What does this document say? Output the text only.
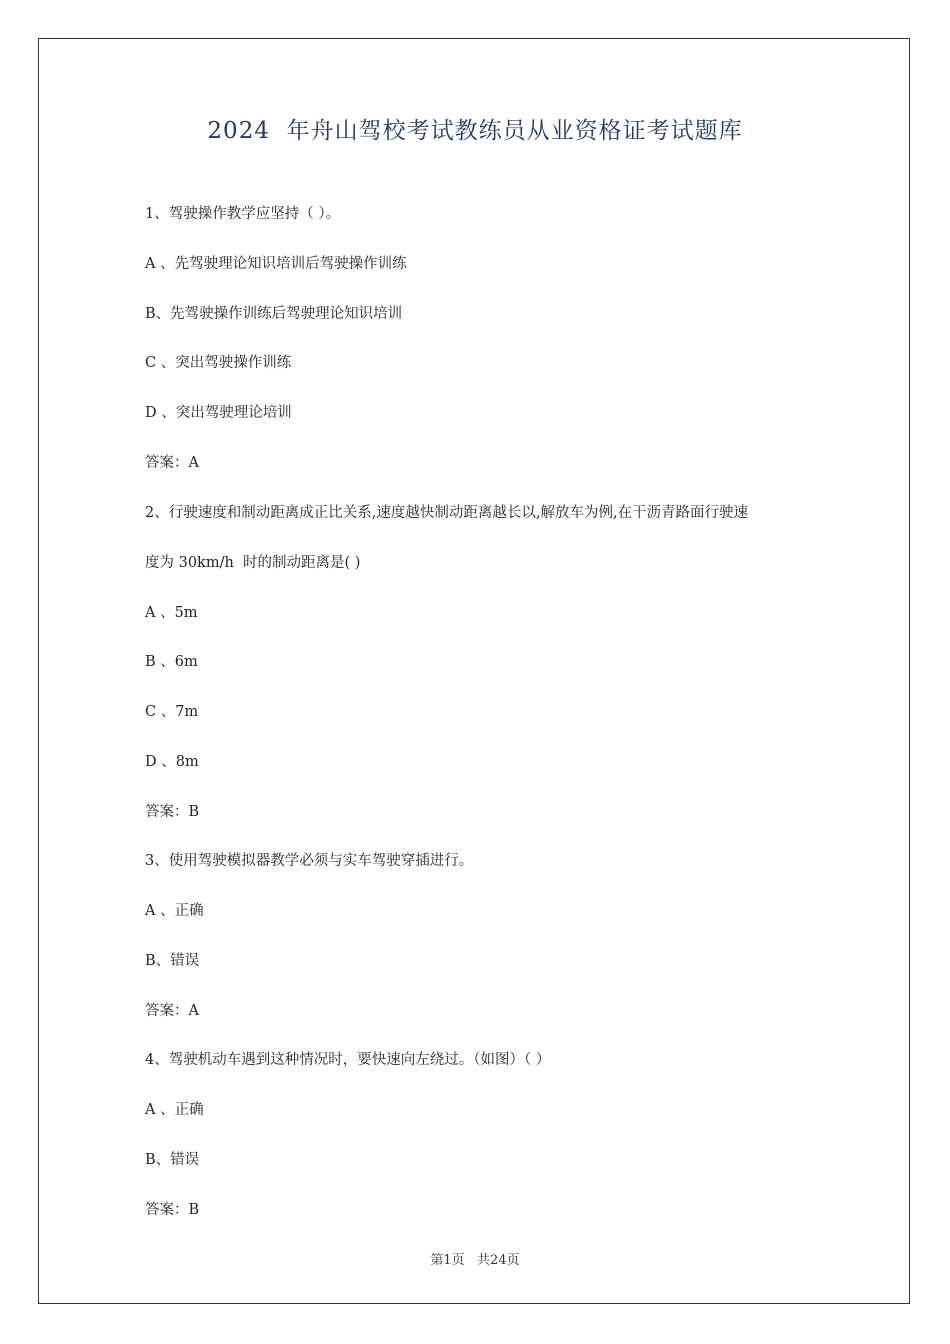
2024  年舟山驾校考试教练员从业资格证考试题库
1、驾驶操作教学应坚持（ ）。
A 、先驾驶理论知识培训后驾驶操作训练
B、先驾驶操作训练后驾驶理论知识培训
C 、突出驾驶操作训练
D 、突出驾驶理论培训
答案：A
2、行驶速度和制动距离成正比关系,速度越快制动距离越长以,解放车为例,在干沥青路面行驶速
度为 30km/h  时的制动距离是( )
A 、5m
B 、6m
C 、7m
D 、8m
答案：B
3、使用驾驶模拟器教学必须与实车驾驶穿插进行。
A 、正确
B、错误
答案：A
4、驾驶机动车遇到这种情况时，要快速向左绕过。（如图）（ ）
A 、正确
B、错误
答案：B
第1页   共24页
